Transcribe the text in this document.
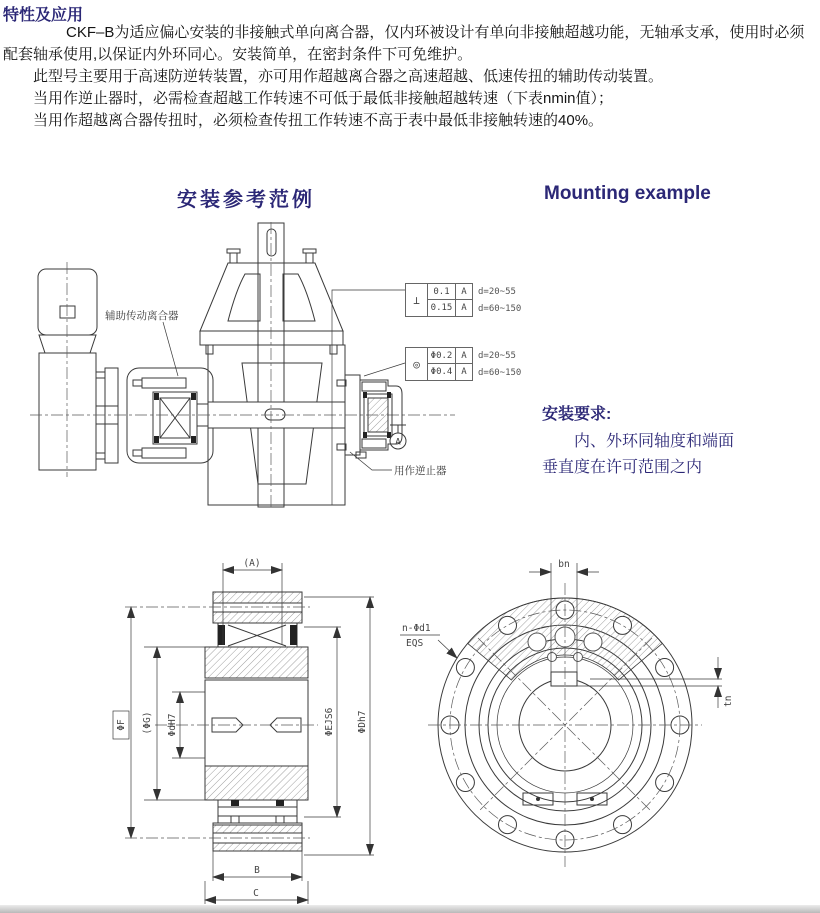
特性及应用

CKF–B为适应偏心安装的非接触式单向离合器，仅内环被设计有单向非接触超越功能，无轴承支承，使用时必须配套轴承使用,以保证内外环同心。安装简单，在密封条件下可免维护。

此型号主要用于高速防逆转装置，亦可用作超越离合器之高速超越、低速传扭的辅助传动装置。

当用作逆止器时，必需检查超越工作转速不可低于最低非接触超越转速（下表nmin值）；

当用作超越离合器传扭时，必须检查传扭工作转速不高于表中最低非接触转速的40%。

安装参考范例	Mounting example
辅助传动离合器
用作逆止器
A
⊥
0.1	A	d=20~55
0.15 A	d=60~150
◎
Φ0.2 A	d=20~55
Φ0.4 A	d=60~150
安装要求:
内、外环同轴度和端面
垂直度在许可范围之内
(A)
ΦF (ΦG) ΦdH7	ΦEJS6 ΦDh7
B
C
bn
tn
n-Φd1
EQS
